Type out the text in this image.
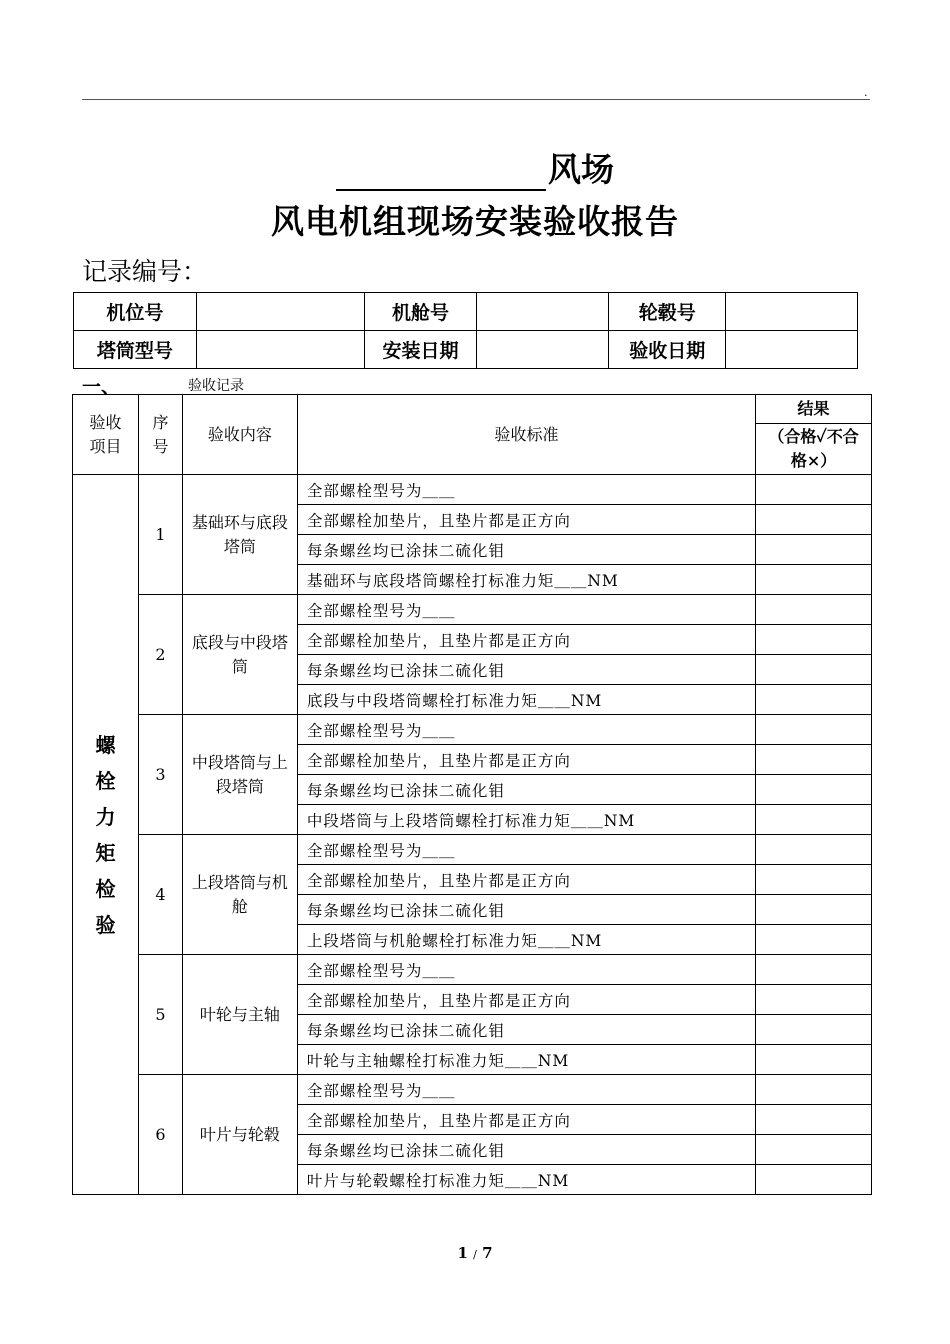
.
风场
风电机组现场安装验收报告
记录编号：
机位号		机舱号		轮毂号	
塔筒型号		安装日期		验收日期	
一、	验收记录
验收项目	序号	验收内容	验收标准	结果
				（合格✓不合格×）
螺栓力矩检验	1	基础环与底段塔筒	全部螺栓型号为＿＿	
			全部螺栓加垫片，且垫片都是正方向	
			每条螺丝均已涂抹二硫化钼	
			基础环与底段塔筒螺栓打标准力矩＿＿NM	
	2	底段与中段塔筒	全部螺栓型号为＿＿	
			全部螺栓加垫片，且垫片都是正方向	
			每条螺丝均已涂抹二硫化钼	
			底段与中段塔筒螺栓打标准力矩＿＿NM	
	3	中段塔筒与上段塔筒	全部螺栓型号为＿＿	
			全部螺栓加垫片，且垫片都是正方向	
			每条螺丝均已涂抹二硫化钼	
			中段塔筒与上段塔筒螺栓打标准力矩＿＿NM	
	4	上段塔筒与机舱	全部螺栓型号为＿＿	
			全部螺栓加垫片，且垫片都是正方向	
			每条螺丝均已涂抹二硫化钼	
			上段塔筒与机舱螺栓打标准力矩＿＿NM	
	5	叶轮与主轴	全部螺栓型号为＿＿	
			全部螺栓加垫片，且垫片都是正方向	
			每条螺丝均已涂抹二硫化钼	
			叶轮与主轴螺栓打标准力矩＿＿NM	
	6	叶片与轮毂	全部螺栓型号为＿＿	
			全部螺栓加垫片，且垫片都是正方向	
			每条螺丝均已涂抹二硫化钼	
			叶片与轮毂螺栓打标准力矩＿＿NM	
1 / 7
